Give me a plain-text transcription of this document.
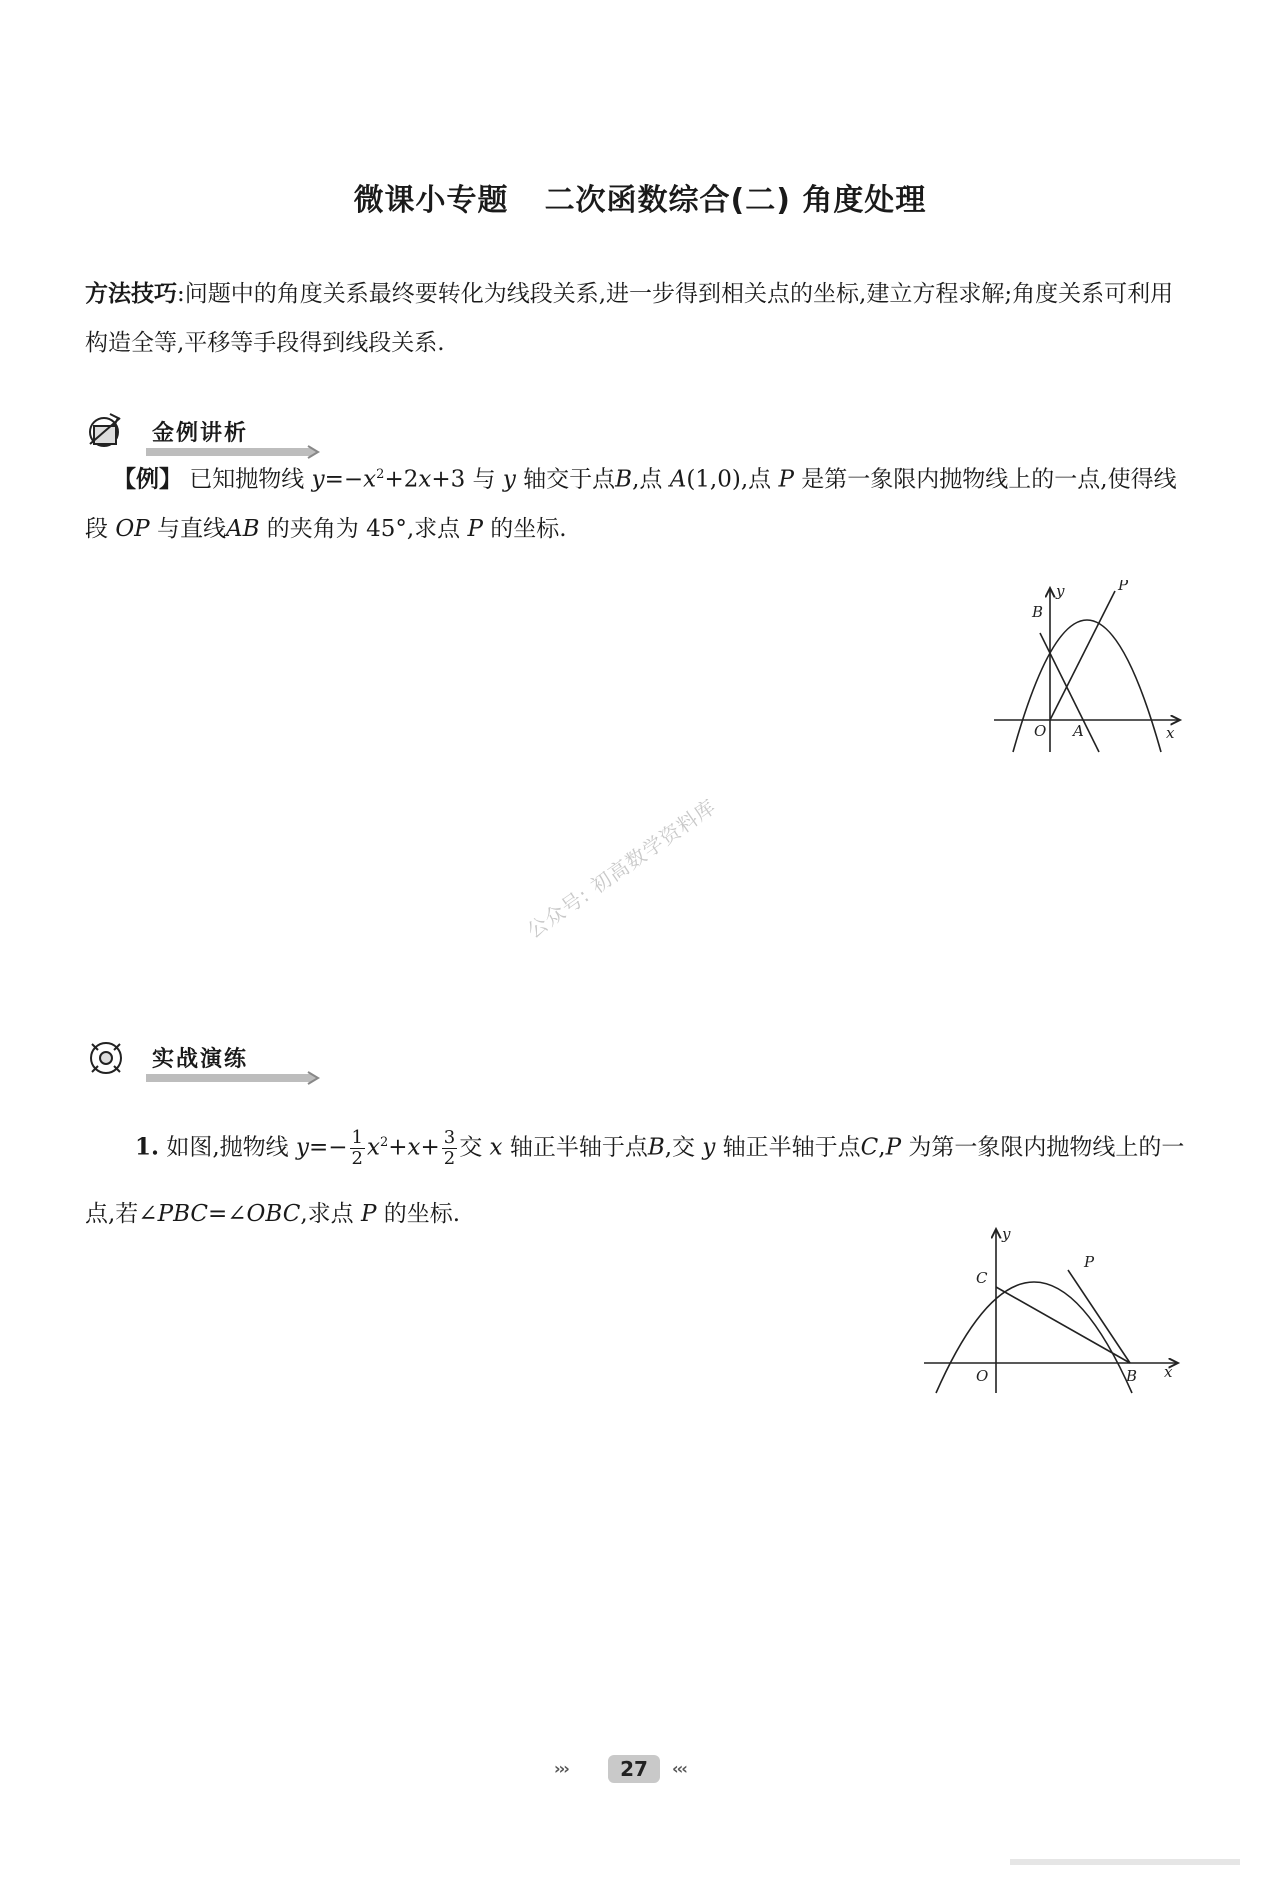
微课小专题 二次函数综合(二) 角度处理
方法技巧:问题中的角度关系最终要转化为线段关系,进一步得到相关点的坐标,建立方程求解;角度关系可利用构造全等,平移等手段得到线段关系.
金例讲析
【例】 已知抛物线 $y=-x^2+2x+3$ 与 y 轴交于点B,点 A(1,0),点 P 是第一象限内抛物线上的一点,使得线段 OP 与直线AB 的夹角为 45°,求点 P 的坐标.
y
x
P
B
O A
公众号: 初高数学资料库
实战演练
1. 如图,抛物线 $y=- \frac{1}{2} x^2+x+ \frac{3}{2}$ 交 x 轴正半轴于点B,交 y 轴正半轴于点C,P 为第一象限内抛物线上的一点,若∠PBC=∠OBC,求点 P 的坐标.
y
x
P
C
O	B
›››	27	‹‹‹
